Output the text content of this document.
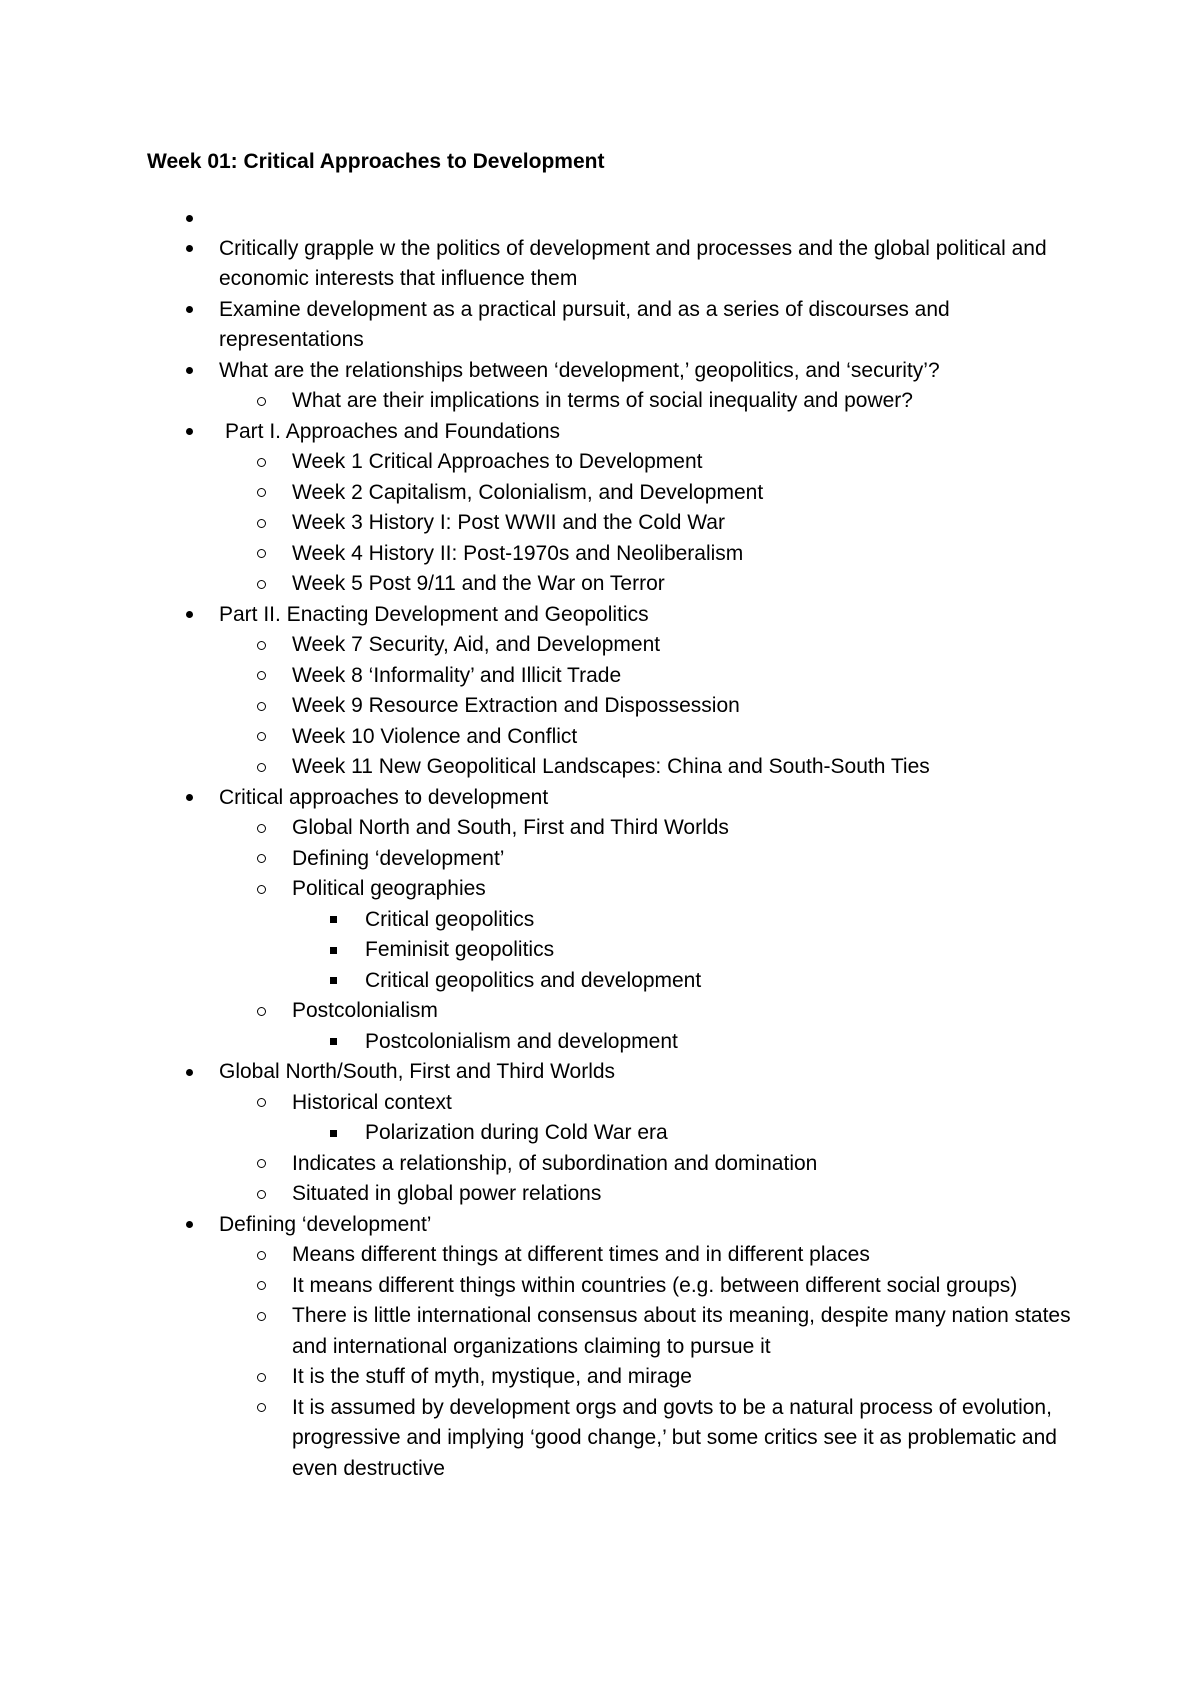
Week 01: Critical Approaches to Development
Critically grapple w the politics of development and processes and the global political and economic interests that influence them
Examine development as a practical pursuit, and as a series of discourses and representations
What are the relationships between ‘development,’ geopolitics, and ‘security’?
What are their implications in terms of social inequality and power?
Part I. Approaches and Foundations
Week 1 Critical Approaches to Development
Week 2 Capitalism, Colonialism, and Development
Week 3 History I: Post WWII and the Cold War
Week 4 History II: Post-1970s and Neoliberalism
Week 5 Post 9/11 and the War on Terror
Part II. Enacting Development and Geopolitics
Week 7 Security, Aid, and Development
Week 8 ‘Informality’ and Illicit Trade
Week 9 Resource Extraction and Dispossession
Week 10 Violence and Conflict
Week 11 New Geopolitical Landscapes: China and South-South Ties
Critical approaches to development
Global North and South, First and Third Worlds
Defining ‘development’
Political geographies
Critical geopolitics
Feminisit geopolitics
Critical geopolitics and development
Postcolonialism
Postcolonialism and development
Global North/South, First and Third Worlds
Historical context
Polarization during Cold War era
Indicates a relationship, of subordination and domination
Situated in global power relations
Defining ‘development’
Means different things at different times and in different places
It means different things within countries (e.g. between different social groups)
There is little international consensus about its meaning, despite many nation states and international organizations claiming to pursue it
It is the stuff of myth, mystique, and mirage
It is assumed by development orgs and govts to be a natural process of evolution, progressive and implying ‘good change,’ but some critics see it as problematic and even destructive
